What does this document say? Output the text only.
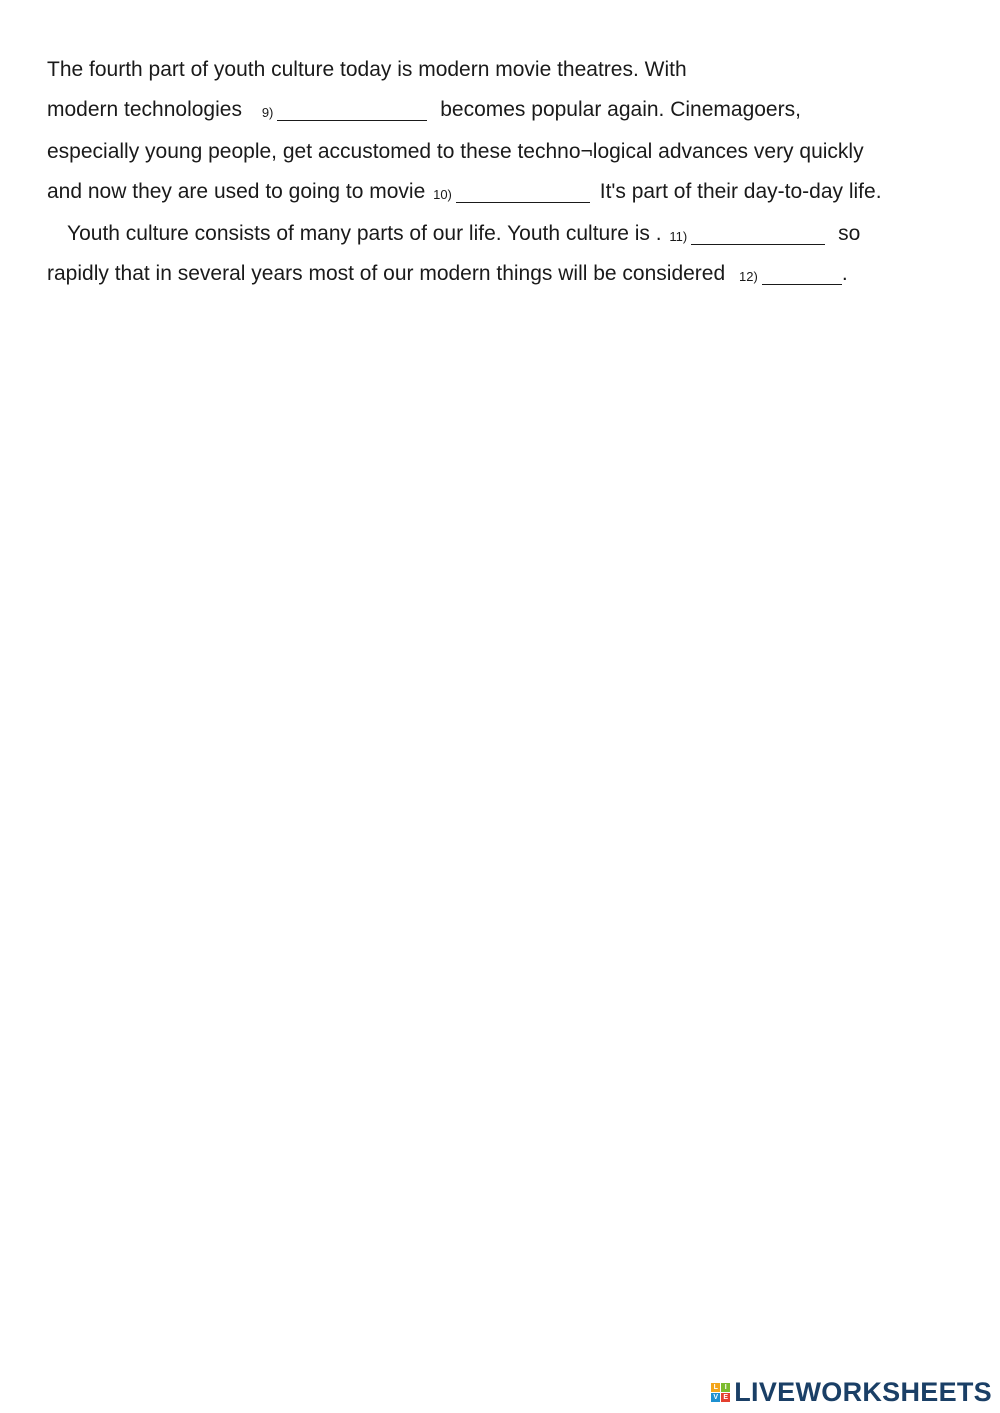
The fourth part of youth culture today is modern movie theatres. With
modern technologies 9)	becomes popular again. Cinemagoers,
especially young people, get accustomed to these techno¬logical advances very quickly
and now they are used to going to movie 10)	It's part of their day-to-day life.
Youth culture consists of many parts of our life. Youth culture is . 11)	so
rapidly that in several years most of our modern things will be considered 12)	.
L I
V E LIVEWORKSHEETS
